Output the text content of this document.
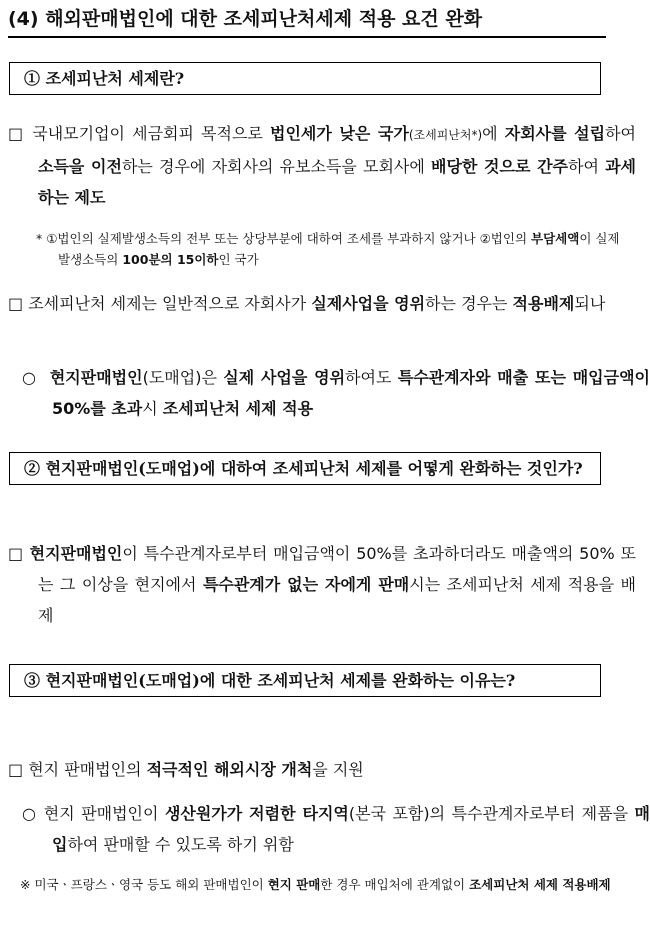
(4) 해외판매법인에 대한 조세피난처세제 적용 요건 완화
① 조세피난처 세제란?
□ 국내모기업이 세금회피 목적으로 법인세가 낮은 국가(조세피난처*)에 자회사를 설립하여 소득을 이전하는 경우에 자회사의 유보소득을 모회사에 배당한 것으로 간주하여 과세하는 제도
* ①법인의 실제발생소득의 전부 또는 상당부분에 대하여 조세를 부과하지 않거나 ②법인의 부담세액이 실제발생소득의 100분의 15이하인 국가
□ 조세피난처 세제는 일반적으로 자회사가 실제사업을 영위하는 경우는 적용배제되나
○ 현지판매법인(도매업)은 실제 사업을 영위하여도 특수관계자와 매출 또는 매입금액이 50%를 초과시 조세피난처 세제 적용
② 현지판매법인(도매업)에 대하여 조세피난처 세제를 어떻게 완화하는 것인가?
□ 현지판매법인이 특수관계자로부터 매입금액이 50%를 초과하더라도 매출액의 50% 또는 그 이상을 현지에서 특수관계가 없는 자에게 판매시는 조세피난처 세제 적용을 배제
③ 현지판매법인(도매업)에 대한 조세피난처 세제를 완화하는 이유는?
□ 현지 판매법인의 적극적인 해외시장 개척을 지원
○ 현지 판매법인이 생산원가가 저렴한 타지역(본국 포함)의 특수관계자로부터 제품을 매입하여 판매할 수 있도록 하기 위함
※ 미국ㆍ프랑스ㆍ영국 등도 해외 판매법인이 현지 판매한 경우 매입처에 관계없이 조세피난처 세제 적용배제
